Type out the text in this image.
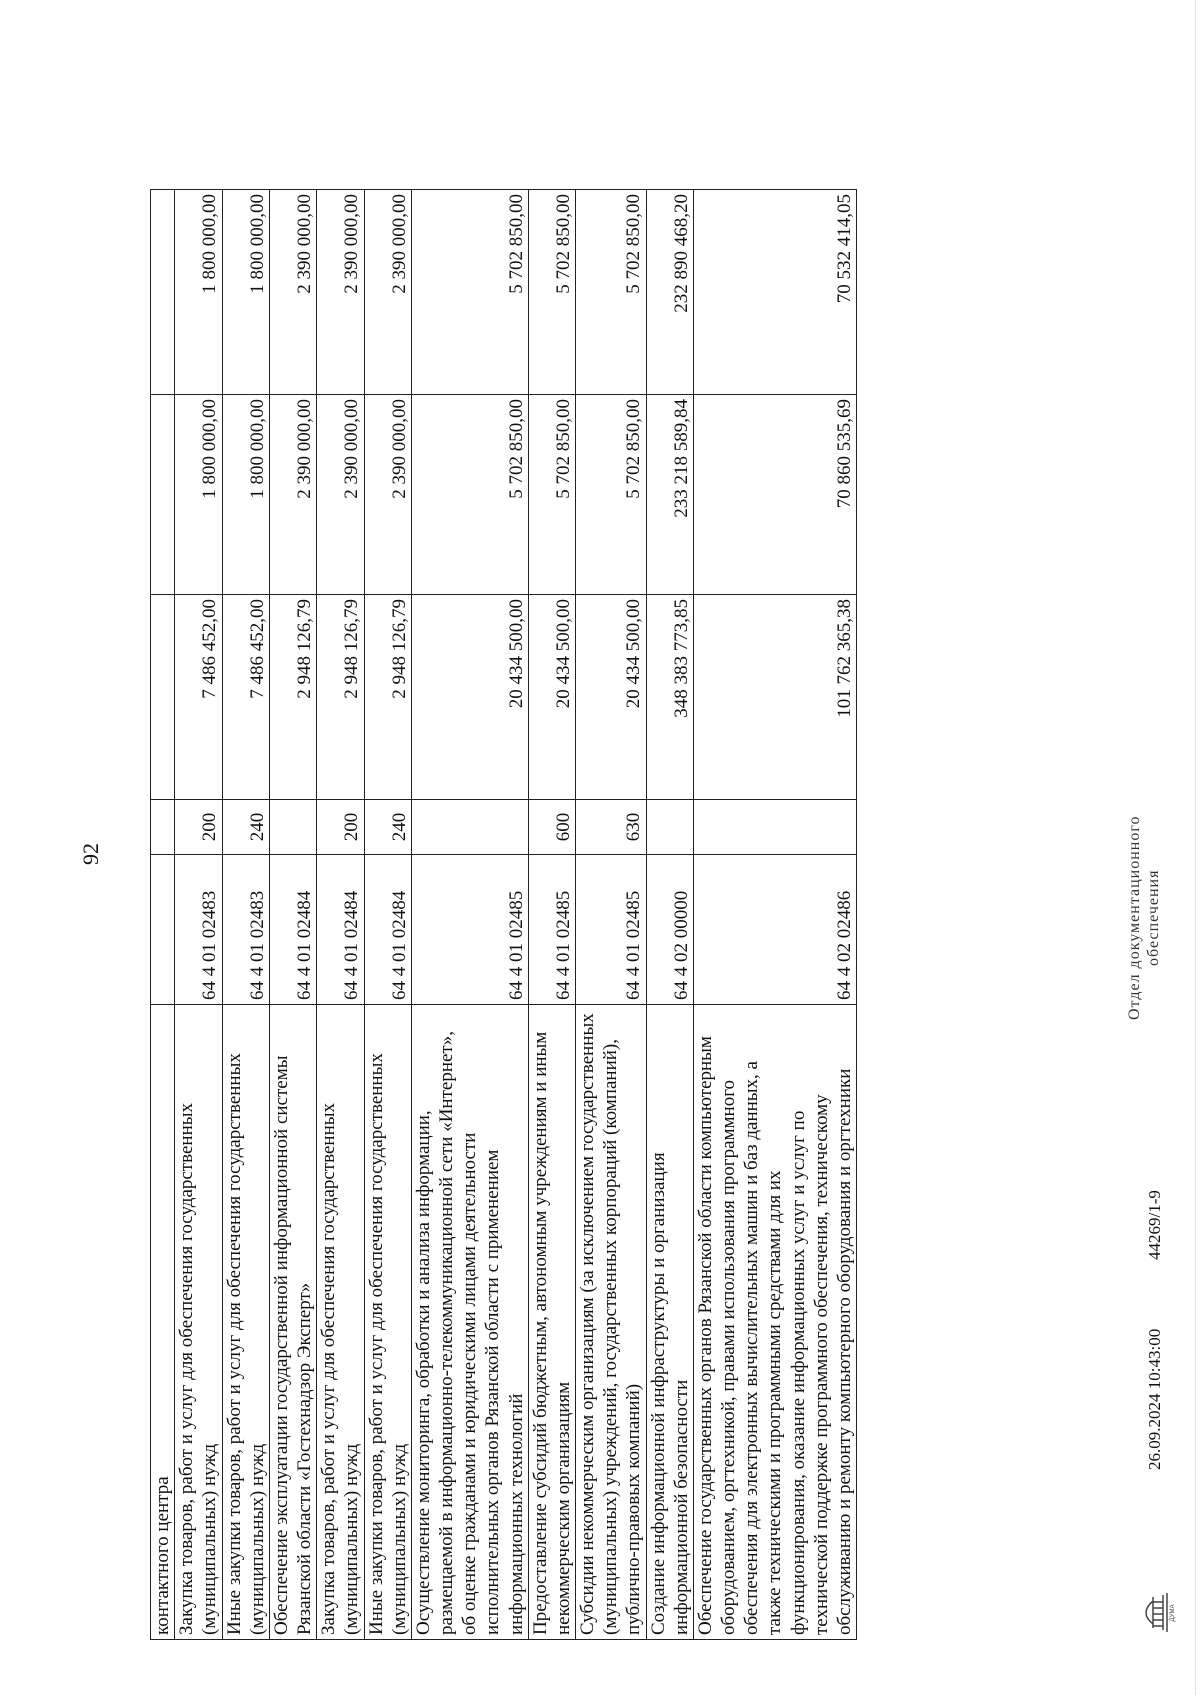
92
контактного центра					
Закупка товаров, работ и услуг для обеспечения государственных (муниципальных) нужд	64 4 01 02483	200	7 486 452,00	1 800 000,00	1 800 000,00
Иные закупки товаров, работ и услуг для обеспечения государственных (муниципальных) нужд	64 4 01 02483	240	7 486 452,00	1 800 000,00	1 800 000,00
Обеспечение эксплуатации государственной информационной системы Рязанской области «Гостехнадзор Эксперт»	64 4 01 02484		2 948 126,79	2 390 000,00	2 390 000,00
Закупка товаров, работ и услуг для обеспечения государственных (муниципальных) нужд	64 4 01 02484	200	2 948 126,79	2 390 000,00	2 390 000,00
Иные закупки товаров, работ и услуг для обеспечения государственных (муниципальных) нужд	64 4 01 02484	240	2 948 126,79	2 390 000,00	2 390 000,00
Осуществление мониторинга, обработки и анализа информации, размещаемой в информационно-телекоммуникационной сети «Интернет», об оценке гражданами и юридическими лицами деятельности исполнительных органов Рязанской области с применением информационных технологий	64 4 01 02485		20 434 500,00	5 702 850,00	5 702 850,00
Предоставление субсидий бюджетным, автономным учреждениям и иным некоммерческим организациям	64 4 01 02485	600	20 434 500,00	5 702 850,00	5 702 850,00
Субсидии некоммерческим организациям (за исключением государственных (муниципальных) учреждений, государственных корпораций (компаний), публично-правовых компаний)	64 4 01 02485	630	20 434 500,00	5 702 850,00	5 702 850,00
Создание информационной инфраструктуры и организация информационной безопасности	64 4 02 00000		348 383 773,85	233 218 589,84	232 890 468,20
Обеспечение государственных органов Рязанской области компьютерным оборудованием, оргтехникой, правами использования программного обеспечения для электронных вычислительных машин и баз данных, а также техническими и программными средствами для их функционирования, оказание информационных услуг и услуг по технической поддержке программного обеспечения, техническому обслуживанию и ремонту компьютерного оборудования и оргтехники	64 4 02 02486		101 762 365,38	70 860 535,69	70 532 414,05
ДУМА
26.09.2024 10:43:00
44269/1-9
Отдел документационного обеспечения
